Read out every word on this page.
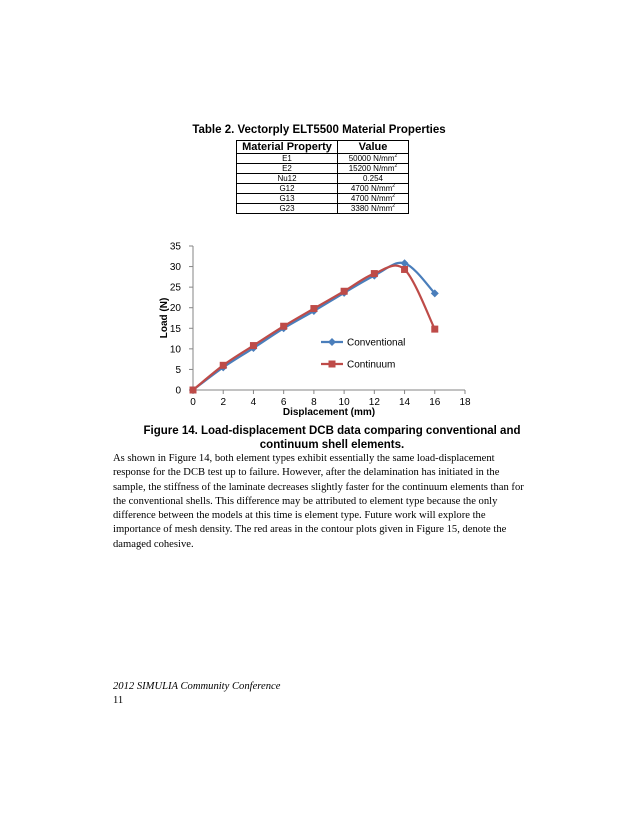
Table 2. Vectorply ELT5500 Material Properties
Material Property	Value
E1	50000 $N/mm^2$
E2	15200 $N/mm^2$
Nu12	0.254
G12	4700 $N/mm^2$
G13	4700 $N/mm^2$
G23	3380 $N/mm^2$
0
5
10
15
20
25
30
35
0 2 4 6 8 10 12 14 16 18
Displacement (mm)
Load (N)
Conventional
Continuum
Figure 14. Load-displacement DCB data comparing conventional and
continuum shell elements.
As shown in Figure 14, both element types exhibit essentially the same load-displacement response for the DCB test up to failure. However, after the delamination has initiated in the sample, the stiffness of the laminate decreases slightly faster for the continuum elements than for the conventional shells. This difference may be attributed to element type because the only difference between the models at this time is element type. Future work will explore the importance of mesh density. The red areas in the contour plots given in Figure 15, denote the damaged cohesive.
2012 SIMULIA Community Conference
11
